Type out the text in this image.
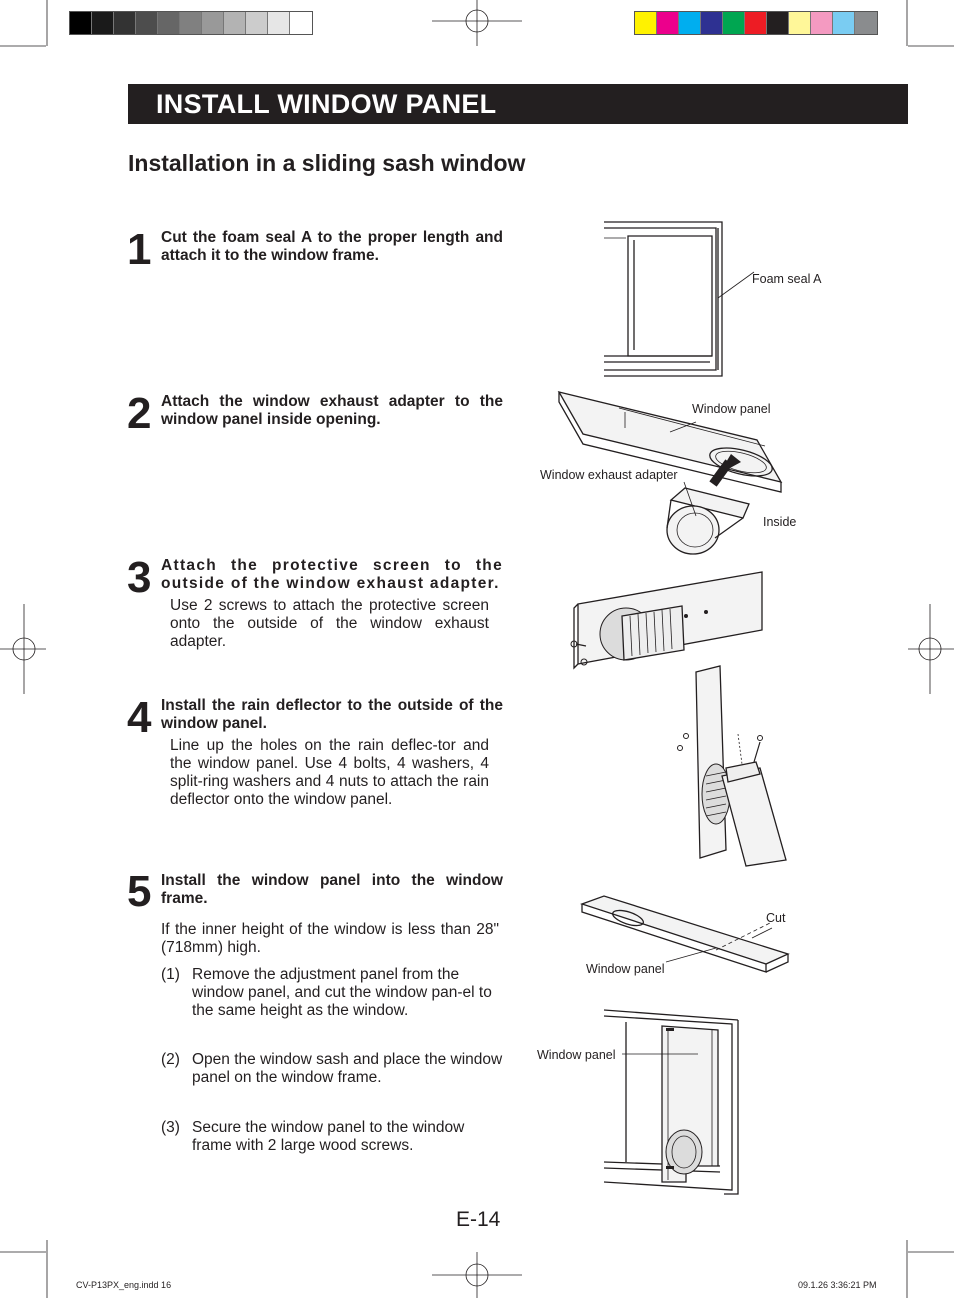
INSTALL WINDOW PANEL
Installation in a sliding sash window
1 Cut the foam seal A to the proper length and attach it to the window frame.
2 Attach the window exhaust adapter to the window panel inside opening.
3 Attach the protective screen to the outside of the window exhaust adapter.
Use 2 screws to attach the protective screen onto the outside of the window exhaust adapter.
4 Install the rain deflector to the outside of the window panel.
Line up the holes on the rain deflec-tor and the window panel. Use 4 bolts, 4 washers, 4 split-ring washers and 4 nuts to attach the rain deflector onto the window panel.
5 Install the window panel into the window frame.
If the inner height of the window is less than 28" (718mm) high.
(1) Remove the adjustment panel from the window panel, and cut the window pan-el to the same height as the window.
(2) Open the window sash and place the window panel on the window frame.
(3) Secure the window panel to the window frame with 2 large wood screws.
Foam seal A
Window panel
Window exhaust adapter
Inside
Cut
Window panel
Window panel
E-14
CV-P13PX_eng.indd 16	09.1.26 3:36:21 PM
